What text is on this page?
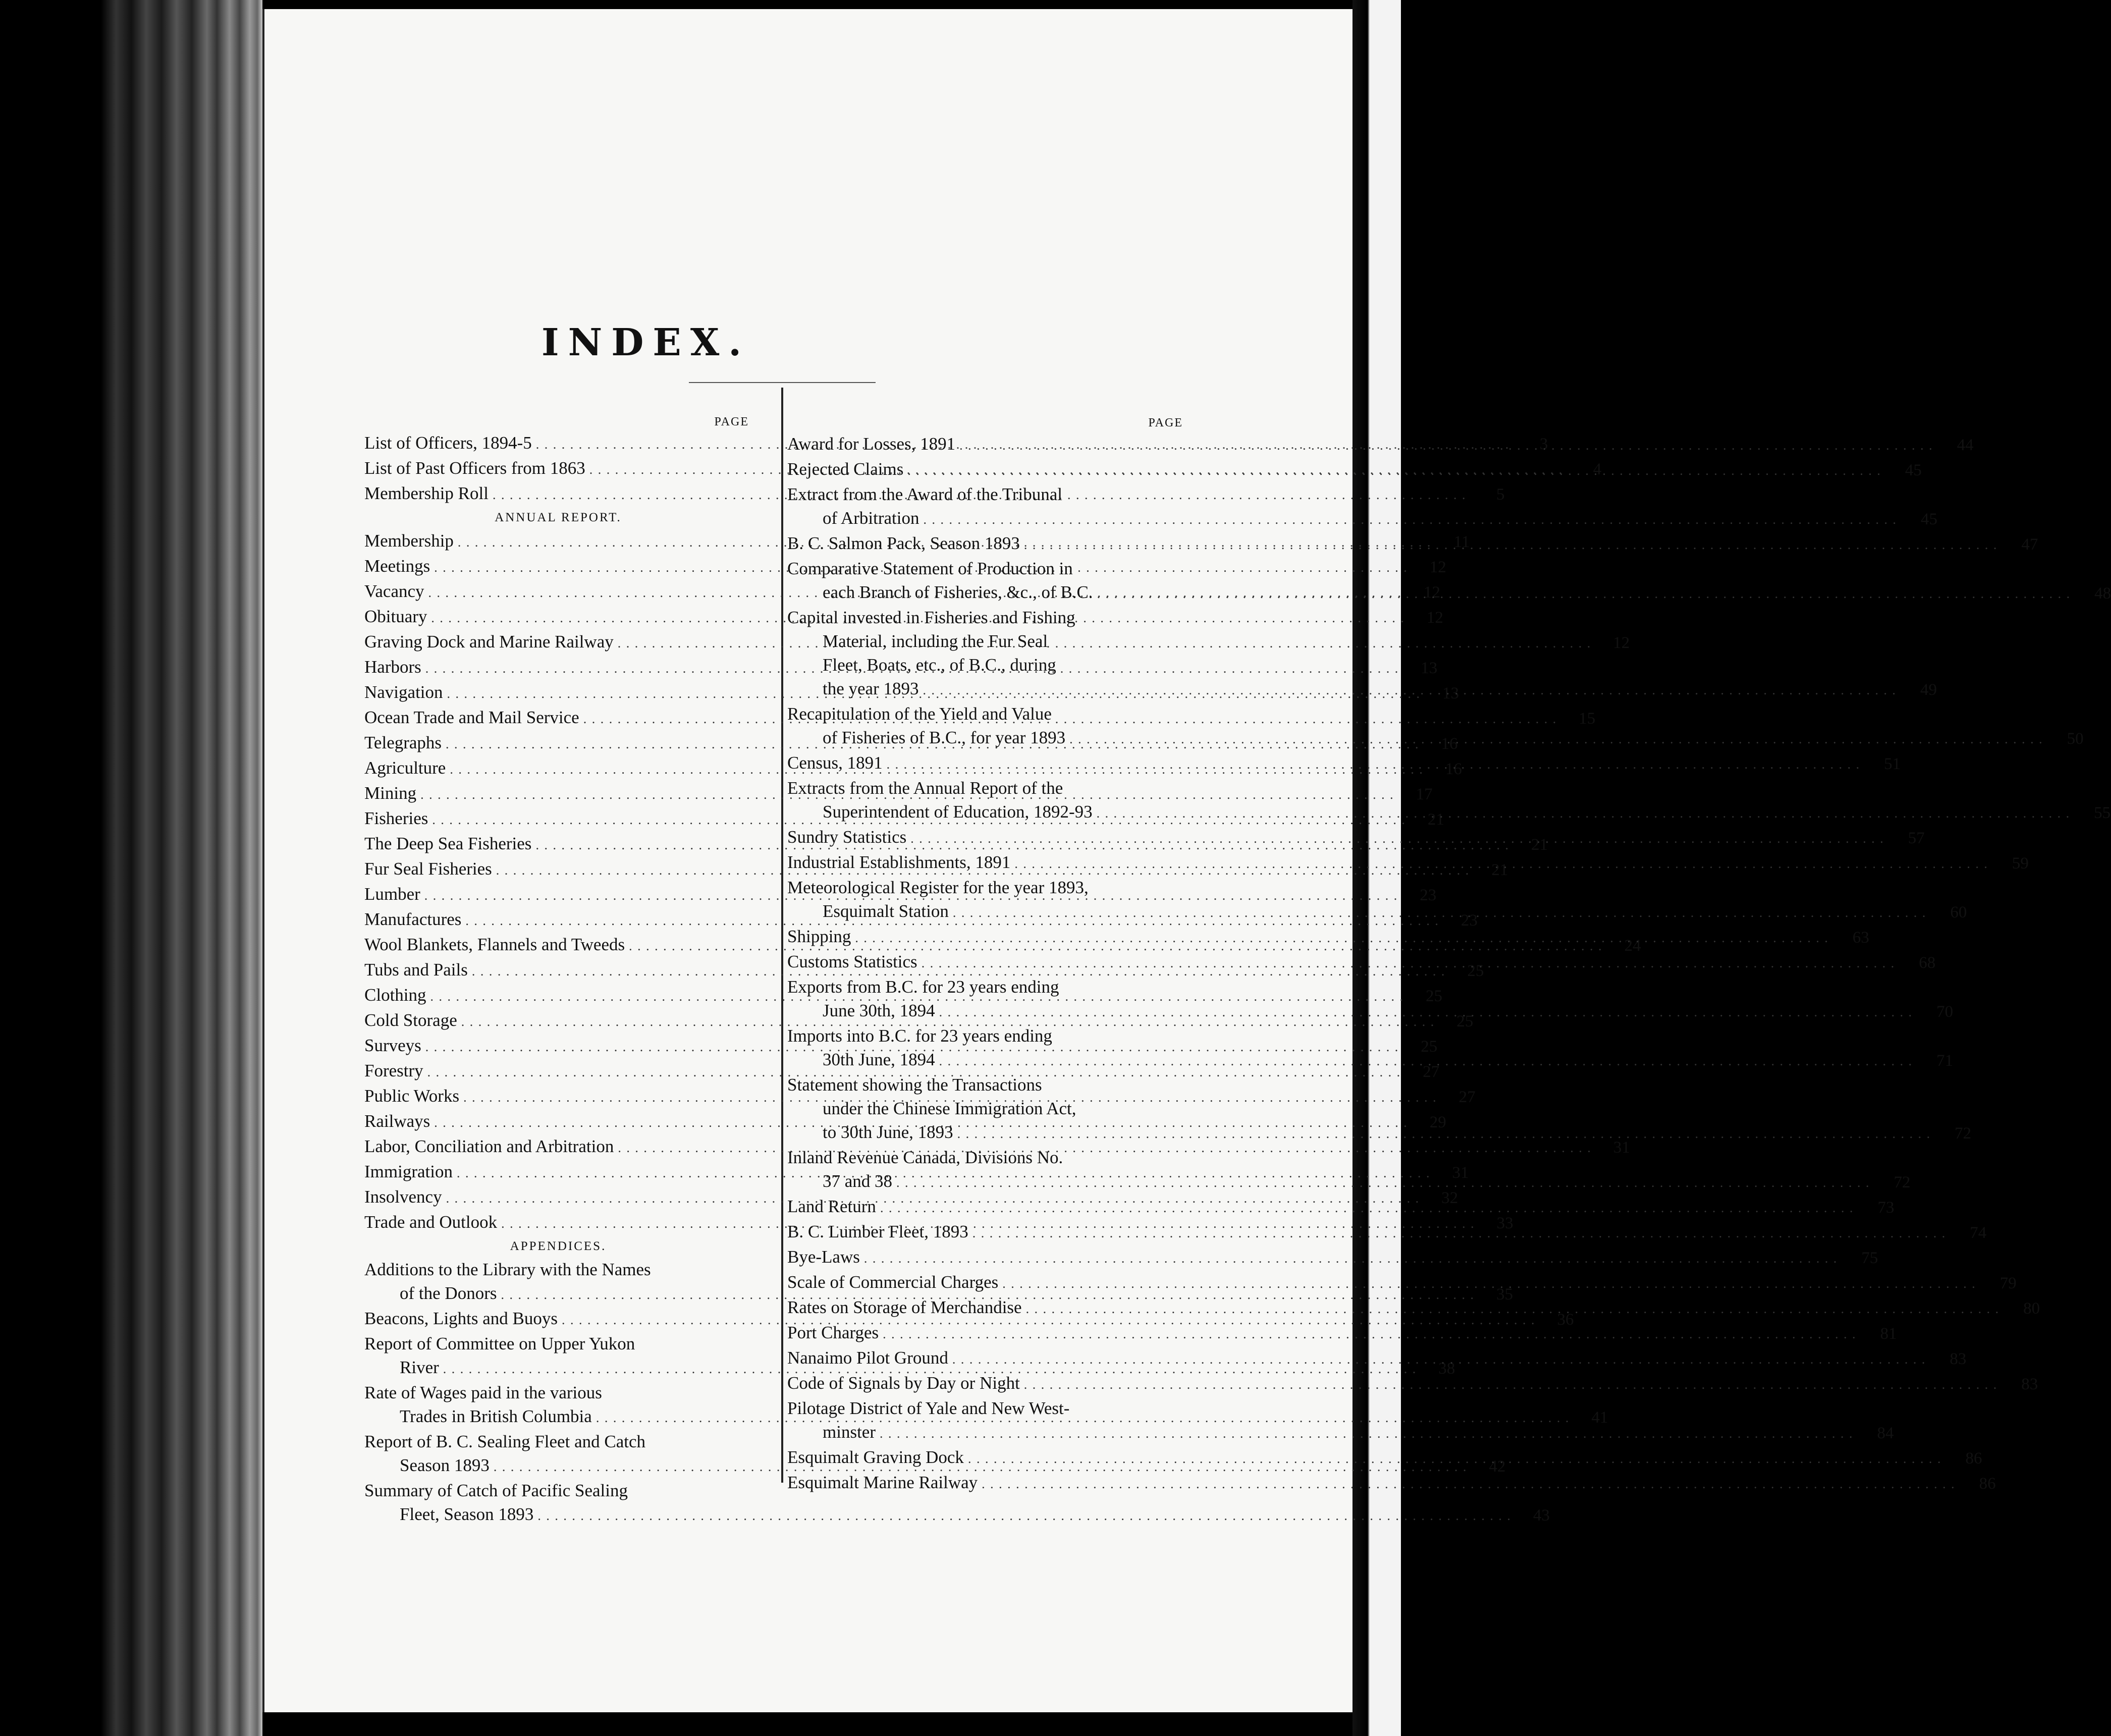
INDEX.
PAGE
List of Officers, 1894-5 . . .	3
List of Past Officers from 1863 . . .	4
Membership Roll . . .	5
ANNUAL REPORT.
Membership . . .	11
Meetings . . .	12
Vacancy . . .	12
Obituary . . .	12
Graving Dock and Marine Railway . . .	12
Harbors . . .	13
Navigation . . .	13
Ocean Trade and Mail Service . . .	15
Telegraphs . . .	16
Agriculture . . .	16
Mining . . .	17
Fisheries . . .	21
The Deep Sea Fisheries . . .	21
Fur Seal Fisheries . . .	21
Lumber . . .	23
Manufactures . . .	23
Wool Blankets, Flannels and Tweeds . . .	24
Tubs and Pails . . .	25
Clothing . . .	25
Cold Storage . . .	25
Surveys . . .	25
Forestry . . .	27
Public Works . . .	27
Railways . . .	29
Labor, Conciliation and Arbitration . . .	31
Immigration . . .	31
Insolvency . . .	32
Trade and Outlook . . .	33
APPENDICES.
Additions to the Library with the Names
of the Donors . . .	35
Beacons, Lights and Buoys . . .	36
Report of Committee on Upper Yukon
River . . .	38
Rate of Wages paid in the various
Trades in British Columbia . . .	41
Report of B. C. Sealing Fleet and Catch
Season 1893 . . .	42
Summary of Catch of Pacific Sealing
Fleet, Season 1893 . . .	43
PAGE
Award for Losses, 1891 . . .	44
Rejected Claims . . .	45
Extract from the Award of the Tribunal
of Arbitration . . .	45
B. C. Salmon Pack, Season 1893 . . .	47
Comparative Statement of Production in
each Branch of Fisheries, &c., of B.C. . . .	48
Capital invested in Fisheries and Fishing
Material, including the Fur Seal
Fleet, Boats, etc., of B.C., during
the year 1893 . . .	49
Recapitulation of the Yield and Value
of Fisheries of B.C., for year 1893 . . .	50
Census, 1891 . . .	51
Extracts from the Annual Report of the
Superintendent of Education, 1892-93 . . .	55
Sundry Statistics . . .	57
Industrial Establishments, 1891 . . .	59
Meteorological Register for the year 1893,
Esquimalt Station . . .	60
Shipping . . .	63
Customs Statistics . . .	68
Exports from B.C. for 23 years ending
June 30th, 1894 . . .	70
Imports into B.C. for 23 years ending
30th June, 1894 . . .	71
Statement showing the Transactions
under the Chinese Immigration Act,
to 30th June, 1893 . . .	72
Inland Revenue Canada, Divisions No.
37 and 38 . . .	72
Land Return . . .	73
B. C. Lumber Fleet, 1893 . . .	74
Bye-Laws . . .	75
Scale of Commercial Charges . . .	79
Rates on Storage of Merchandise . . .	80
Port Charges . . .	81
Nanaimo Pilot Ground . . .	83
Code of Signals by Day or Night . . .	83
Pilotage District of Yale and New West-
minster . . .	84
Esquimalt Graving Dock . . .	86
Esquimalt Marine Railway . . .	86
